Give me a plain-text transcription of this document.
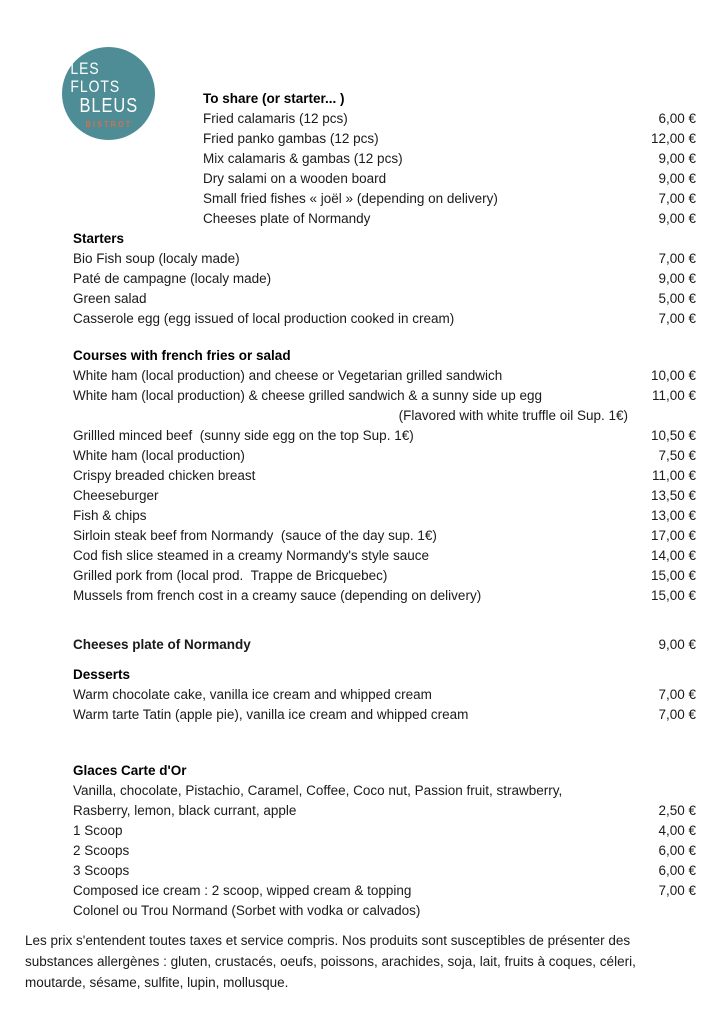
LES FLOTS
BLEUS
BISTROT
To share (or starter... )
Fried calamaris (12 pcs)	6,00 €
Fried panko gambas (12 pcs)	12,00 €
Mix calamaris & gambas (12 pcs)	9,00 €
Dry salami on a wooden board	9,00 €
Small fried fishes « joël » (depending on delivery)	7,00 €
Cheeses plate of Normandy	9,00 €
Starters
Bio Fish soup (localy made)	7,00 €
Paté de campagne (localy made)	9,00 €
Green salad	5,00 €
Casserole egg (egg issued of local production cooked in cream)	7,00 €
Courses with french fries or salad
White ham (local production) and cheese or Vegetarian grilled sandwich	10,00 €
White ham (local production) & cheese grilled sandwich & a sunny side up egg	11,00 €
(Flavored with white truffle oil Sup. 1€)
Grillled minced beef  (sunny side egg on the top Sup. 1€)	10,50 €
White ham (local production)	7,50 €
Crispy breaded chicken breast	11,00 €
Cheeseburger	13,50 €
Fish & chips	13,00 €
Sirloin steak beef from Normandy  (sauce of the day sup. 1€)	17,00 €
Cod fish slice steamed in a creamy Normandy's style sauce	14,00 €
Grilled pork from (local prod.  Trappe de Bricquebec)	15,00 €
Mussels from french cost in a creamy sauce (depending on delivery)	15,00 €
Cheeses plate of Normandy	9,00 €
Desserts
Warm chocolate cake, vanilla ice cream and whipped cream	7,00 €
Warm tarte Tatin (apple pie), vanilla ice cream and whipped cream	7,00 €
Glaces Carte d'Or
Vanilla, chocolate, Pistachio, Caramel, Coffee, Coco nut, Passion fruit, strawberry,
Rasberry, lemon, black currant, apple	2,50 €
1 Scoop	4,00 €
2 Scoops	6,00 €
3 Scoops	6,00 €
Composed ice cream : 2 scoop, wipped cream & topping	7,00 €
Colonel ou Trou Normand (Sorbet with vodka or calvados)
Les prix s'entendent toutes taxes et service compris. Nos produits sont susceptibles de présenter des substances allergènes : gluten, crustacés, oeufs, poissons, arachides, soja, lait, fruits à coques, céleri, moutarde, sésame, sulfite, lupin, mollusque.
